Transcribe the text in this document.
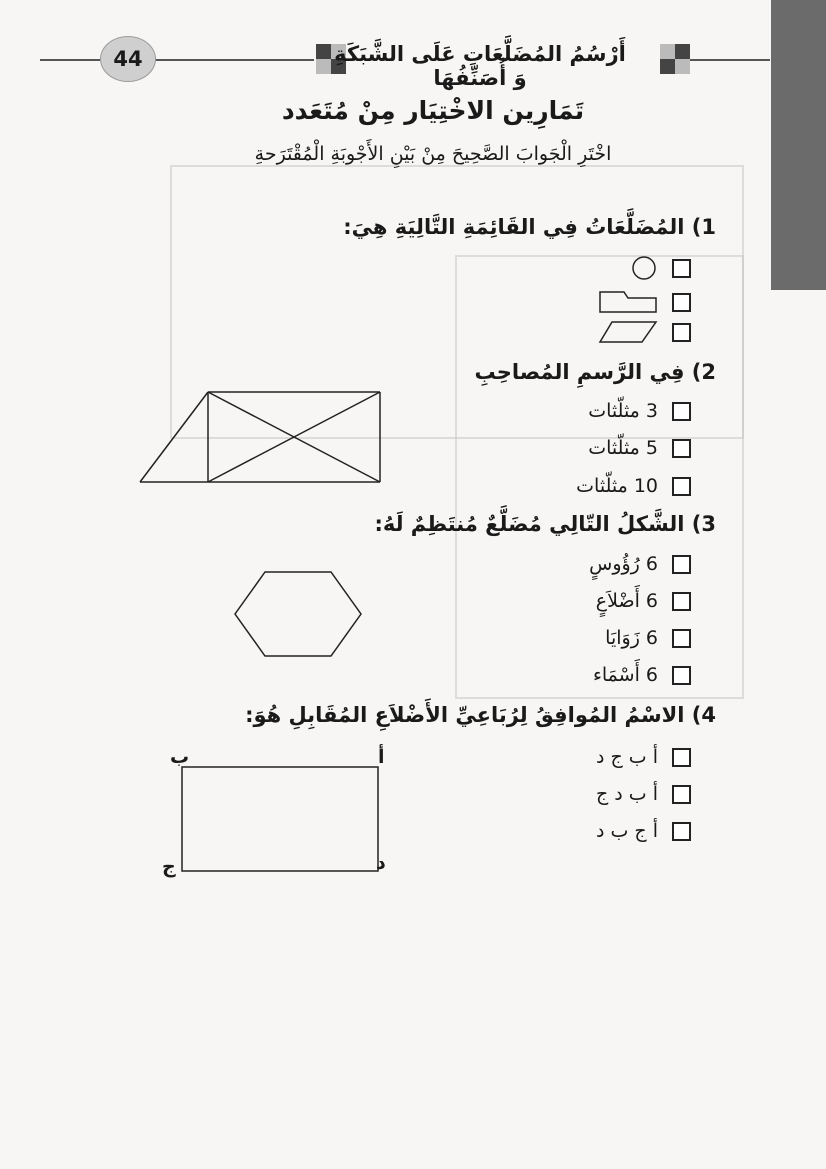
44	أَرْسُمُ المُضَلَّعَاتِ عَلَى الشَّبَكَةِ وَ أُصَنِّفُهَا
تَمَارِين الاخْتِيَار مِنْ مُتَعَدد
اخْتَرِ الْجَوابَ الصَّحِيحَ مِنْ بَيْنِ الأَجْوبَةِ الْمُقْتَرَحةِ
1) المُضَلَّعَاتُ فِي القَائِمَةِ التَّالِيَةِ هِيَ:
2) فِي الرَّسمِ المُصاحِبِ
3 مثلّثات
5 مثلّثات
10 مثلّثات
3) الشَّكلُ التّالِي مُضَلَّعٌ مُنتَظِمٌ لَهُ:
6 رُؤُوسٍ
6 أَضْلاَعٍ
6 زَوَايَا
6 أَسْمَاء
4) الاسْمُ المُوافِقُ لِرُبَاعِيِّ الأَضْلاَعِ المُقَابِلِ هُوَ:
ب	أ
ج	د
أ ب ج د
أ ب د ج
أ ج ب د
